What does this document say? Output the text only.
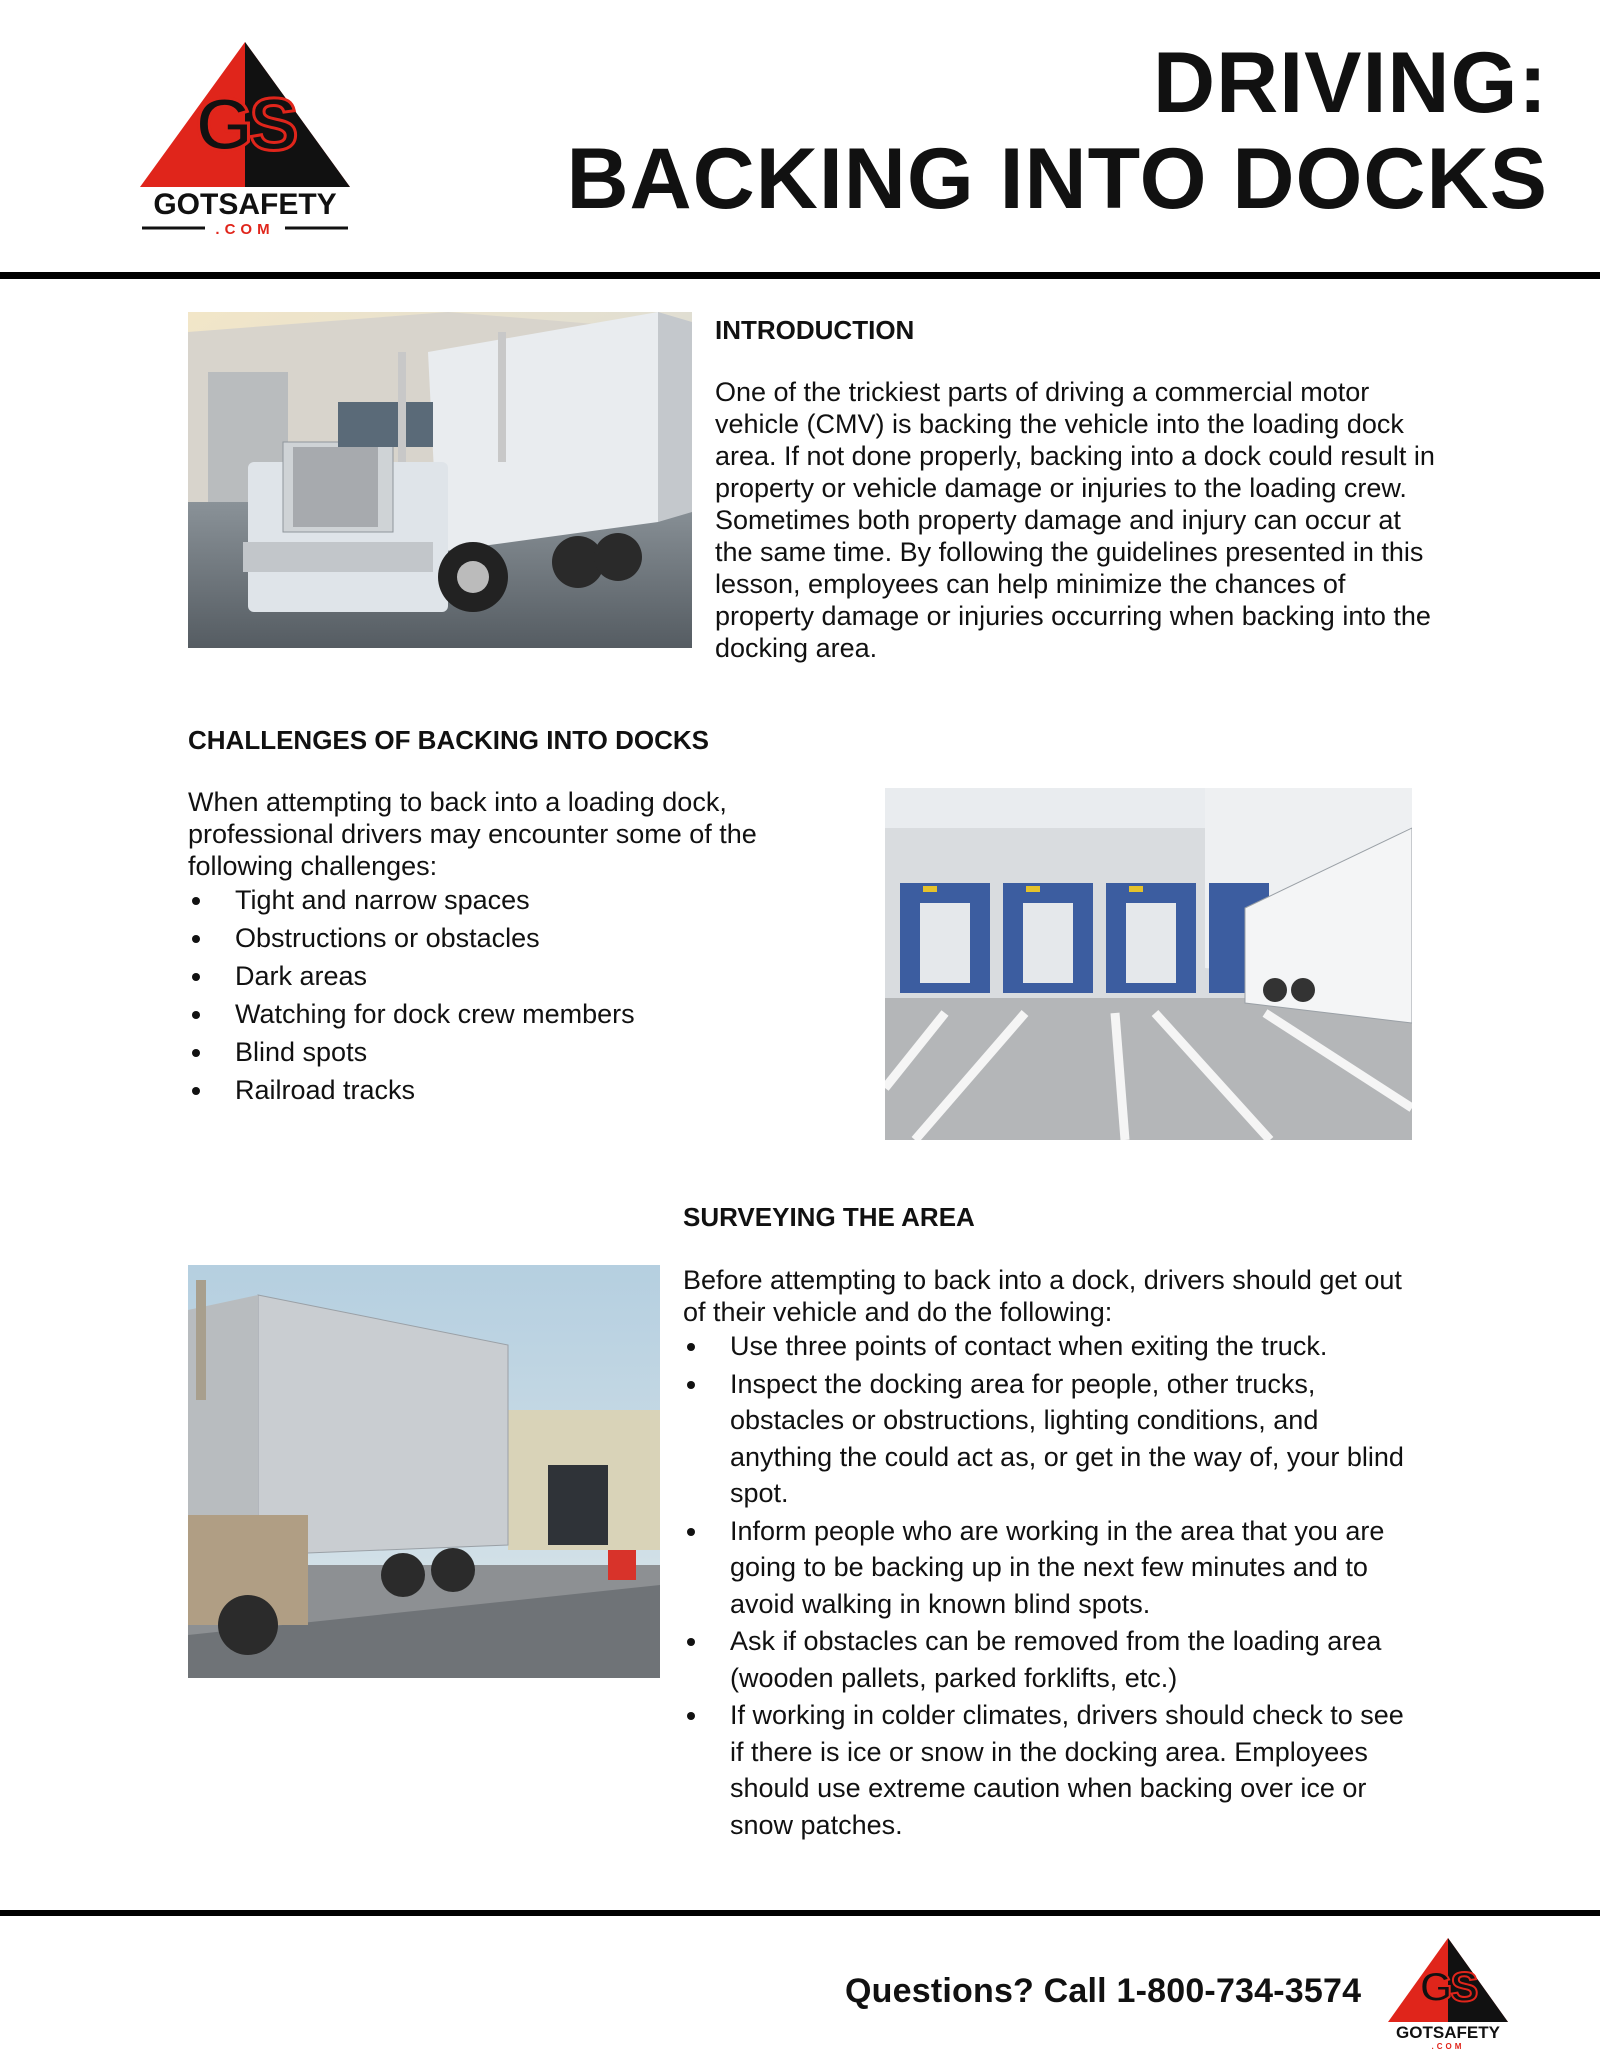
GS
GOTSAFETY
.COM
DRIVING:
BACKING INTO DOCKS
INTRODUCTION

One of the trickiest parts of driving a commercial motor vehicle (CMV) is backing the vehicle into the loading dock area. If not done properly, backing into a dock could result in property or vehicle damage or injuries to the loading crew. Sometimes both property damage and injury can occur at the same time. By following the guidelines presented in this lesson, employees can help minimize the chances of property damage or injuries occurring when backing into the docking area.

CHALLENGES OF BACKING INTO DOCKS

When attempting to back into a loading dock, professional drivers may encounter some of the following challenges:

Tight and narrow spaces
Obstructions or obstacles
Dark areas
Watching for dock crew members
Blind spots
Railroad tracks
SURVEYING THE AREA

Before attempting to back into a dock, drivers should get out of their vehicle and do the following:

Use three points of contact when exiting the truck.
Inspect the docking area for people, other trucks, obstacles or obstructions, lighting conditions, and anything the could act as, or get in the way of, your blind spot.
Inform people who are working in the area that you are going to be backing up in the next few minutes and to avoid walking in known blind spots.
Ask if obstacles can be removed from the loading area (wooden pallets, parked forklifts, etc.)
If working in colder climates, drivers should check to see if there is ice or snow in the docking area. Employees should use extreme caution when backing over ice or snow patches.
Questions? Call 1-800-734-3574 GS
GOTSAFETY
.COM
